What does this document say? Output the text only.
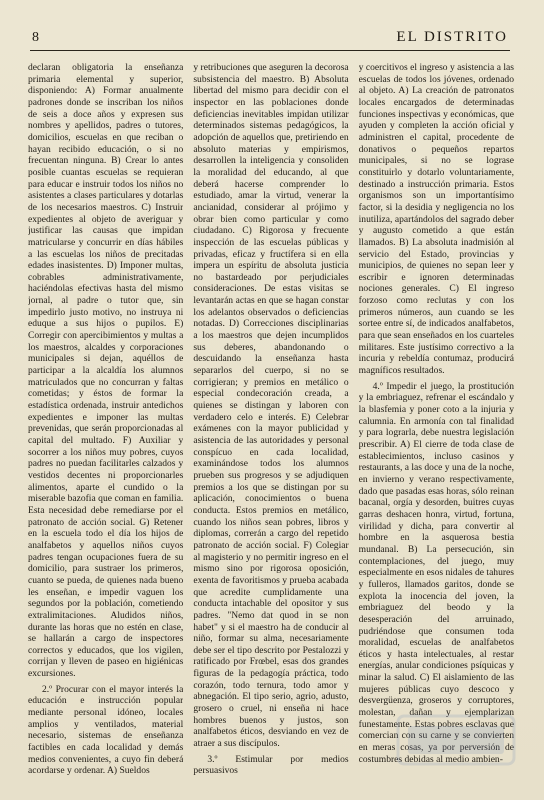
8	EL DISTRITO

declaran obligatoria la enseñanza primaria elemental y superior, disponiendo: A) Formar anualmente padrones donde se inscriban los niños de seis a doce años y expresen sus nombres y apellidos, padres o tutores, domicilios, escuelas en que reciban o hayan recibido educación, o si no frecuentan ninguna. B) Crear lo antes posible cuantas escuelas se requieran para educar e instruir todos los niños no asistentes a clases particulares y dotarlas de los necesarios maestros. C) Instruir expedientes al objeto de averiguar y justificar las causas que impidan matricularse y concurrir en días hábiles a las escuelas los niños de precitadas edades inasistentes. D) Imponer multas, cobrables administrativamente, haciéndolas efectivas hasta del mismo jornal, al padre o tutor que, sin impedirlo justo motivo, no instruya ni eduque a sus hijos o pupilos. E) Corregir con apercibimientos y multas a los maestros, alcaldes y corporaciones municipales si dejan, aquéllos de participar a la alcaldía los alumnos matriculados que no concurran y faltas cometidas; y éstos de formar la estadística ordenada, instruir antedichos expedientes e imponer las multas prevenidas, que serán proporcionadas al capital del multado. F) Auxiliar y socorrer a los niños muy pobres, cuyos padres no puedan facilitarles calzados y vestidos decentes ni proporcionarles alimentos, aparte el cundido o la miserable bazofia que coman en familia. Esta necesidad debe remediarse por el patronato de acción social. G) Retener en la escuela todo el día los hijos de analfabetos y aquellos niños cuyos padres tengan ocupaciones fuera de su domicilio, para sustraer los primeros, cuanto se pueda, de quienes nada bueno les enseñan, e impedir vaguen los segundos por la población, cometiendo extralimitaciones. Aludidos niños, durante las horas que no estén en clase, se hallarán a cargo de inspectores correctos y educados, que los vigilen, corrijan y lleven de paseo en higiénicas excursiones.

2.º Procurar con el mayor interés la educación e instrucción popular mediante personal idóneo, locales amplios y ventilados, material necesario, sistemas de enseñanza factibles en cada localidad y demás medios convenientes, a cuyo fin deberá acordarse y ordenar. A) Sueldos

y retribuciones que aseguren la decorosa subsistencia del maestro. B) Absoluta libertad del mismo para decidir con el inspector en las poblaciones donde deficiencias inevitables impidan utilizar determinados sistemas pedagógicos, la adopción de aquellos que, pretiriendo en absoluto materias y empirismos, desarrollen la inteligencia y consoliden la moralidad del educando, al que deberá hacerse comprender lo estudiado, amar la virtud, venerar la ancianidad, considerar al prójimo y obrar bien como particular y como ciudadano. C) Rigorosa y frecuente inspección de las escuelas públicas y privadas, eficaz y fructífera si en ella impera un espíritu de absoluta justicia no bastardeado por perjudiciales consideraciones. De estas visitas se levantarán actas en que se hagan constar los adelantos observados o deficiencias notadas. D) Correcciones disciplinarias a los maestros que dejen incumplidos sus deberes, abandonando o descuidando la enseñanza hasta separarlos del cuerpo, si no se corrigieran; y premios en metálico o especial condecoración creada, a quienes se distingan y laboren con verdadero celo e interés. E) Celebrar exámenes con la mayor publicidad y asistencia de las autoridades y personal conspícuo en cada localidad, examinándose todos los alumnos prueben sus progresos y se adjudiquen premios a los que se distingan por su aplicación, conocimientos o buena conducta. Estos premios en metálico, cuando los niños sean pobres, libros y diplomas, correrán a cargo del repetido patronato de acción social. F) Colegiar al magisterio y no permitir ingreso en el mismo sino por rigorosa oposición, exenta de favoritismos y prueba acabada que acredite cumplidamente una conducta intachable del opositor y sus padres. "Nemo dat quod in se non habet" y si el maestro ha de conducir al niño, formar su alma, necesariamente debe ser el tipo descrito por Pestalozzi y ratificado por Frœbel, esas dos grandes figuras de la pedagogía práctica, todo corazón, todo ternura, todo amor y abnegación. El tipo serio, agrio, adusto, grosero o cruel, ni enseña ni hace hombres buenos y justos, son analfabetos éticos, desviando en vez de atraer a sus discípulos.

3.º Estimular por medios persuasivos

y coercitivos el ingreso y asistencia a las escuelas de todos los jóvenes, ordenado al objeto. A) La creación de patronatos locales encargados de determinadas funciones inspectivas y económicas, que ayuden y completen la acción oficial y administren el capital, procedente de donativos o pequeños repartos municipales, si no se lograse constituirlo y dotarlo voluntariamente, destinado a instrucción primaria. Estos organismos son un importantísimo factor, si la desidia y negligencia no los inutiliza, apartándolos del sagrado deber y augusto cometido a que están llamados. B) La absoluta inadmisión al servicio del Estado, provincias y municipios, de quienes no sepan leer y escribir e ignoren determinadas nociones generales. C) El ingreso forzoso como reclutas y con los primeros números, aun cuando se les sortee entre sí, de indicados analfabetos, para que sean enseñados en los cuarteles militares. Este justísimo correctivo a la incuria y rebeldía contumaz, producirá magníficos resultados.

4.º Impedir el juego, la prostitución y la embriaguez, refrenar el escándalo y la blasfemia y poner coto a la injuria y calumnia. En armonía con tal finalidad y para lograrla, debe nuestra legislación prescribir. A) El cierre de toda clase de establecimientos, incluso casinos y restaurants, a las doce y una de la noche, en invierno y verano respectivamente, dado que pasadas esas horas, sólo reinan bacanal, orgía y desorden, buitres cuyas garras deshacen honra, virtud, fortuna, virilidad y dicha, para convertir al hombre en la asquerosa bestia mundanal. B) La persecución, sin contemplaciones, del juego, muy especialmente en esos nidales de tahures y fulleros, llamados garitos, donde se explota la inocencia del joven, la embriaguez del beodo y la desesperación del arruinado, pudriéndose que consumen toda moralidad, escuelas de analfabetos éticos y hasta intelectuales, al restar energías, anular condiciones psíquicas y minar la salud. C) El aislamiento de las mujeres públicas cuyo descoco y desvergüenza, groseros y corruptores, molestan, dañan y ejemplarizan funestamente. Estas pobres esclavas que comercian con su carne y se convierten en meras cosas, ya por perversión de costumbres debidas al medio ambien-
